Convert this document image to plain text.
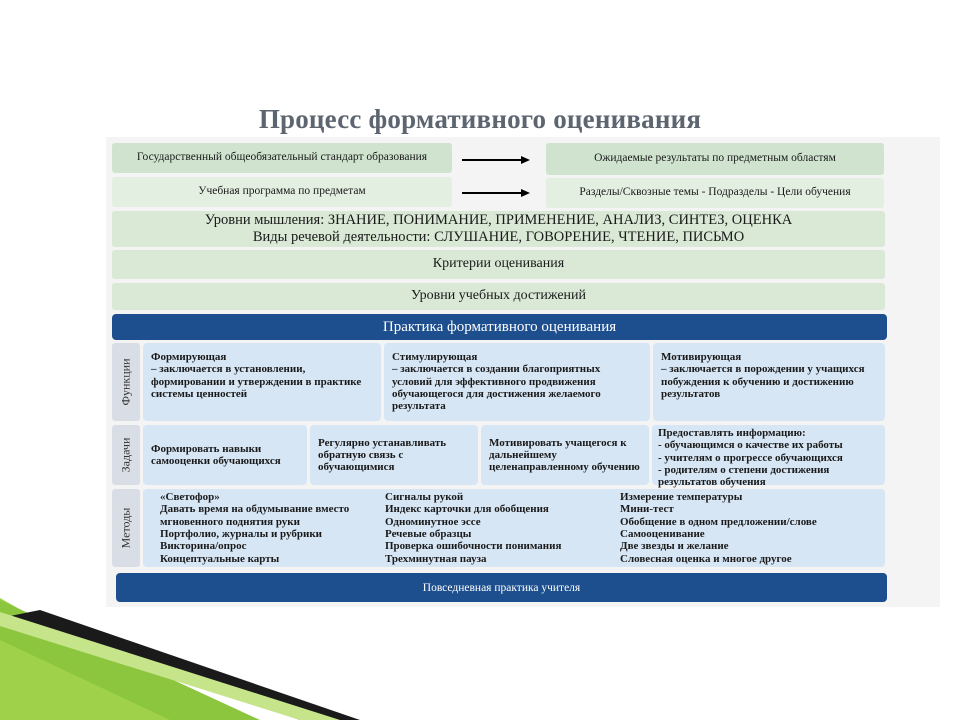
Процесс формативного оценивания
Государственный общеобязательный стандарт образования
Учебная программа по предметам
Ожидаемые результаты по предметным областям
Разделы/Сквозные темы - Подразделы - Цели обучения
Уровни мышления: ЗНАНИЕ, ПОНИМАНИЕ, ПРИМЕНЕНИЕ, АНАЛИЗ, СИНТЕЗ, ОЦЕНКА
Виды речевой деятельности: СЛУШАНИЕ, ГОВОРЕНИЕ, ЧТЕНИЕ, ПИСЬМО
Критерии оценивания
Уровни учебных достижений
Практика формативного оценивания
Функции
Формирующая
– заключается в установлении, формировании и утверждении в практике системы ценностей
Стимулирующая
– заключается в создании благоприятных условий для эффективного продвижения обучающегося для достижения желаемого результата
Мотивирующая
– заключается в порождении у учащихся побуждения к обучению и достижению результатов
Задачи	Формировать навыки самооценки обучающихся
Регулярно устанавливать обратную связь с обучающимися
Мотивировать учащегося к дальнейшему целенаправленному обучению
Предоставлять информацию:
- обучающимся о качестве их работы
- учителям о прогрессе обучающихся
- родителям о степени достижения результатов обучения
Методы
«Светофор»
Давать время на обдумывание вместо мгновенного поднятия руки
Портфолио, журналы и рубрики
Викторина/опрос
Концептуальные карты
Сигналы рукой
Индекс карточки для обобщения
Одноминутное эссе
Речевые образцы
Проверка ошибочности понимания
Трехминутная пауза
Измерение температуры
Мини-тест
Обобщение в одном предложении/слове
Самооценивание
Две звезды и желание
Словесная оценка и многое другое
Повседневная практика учителя
